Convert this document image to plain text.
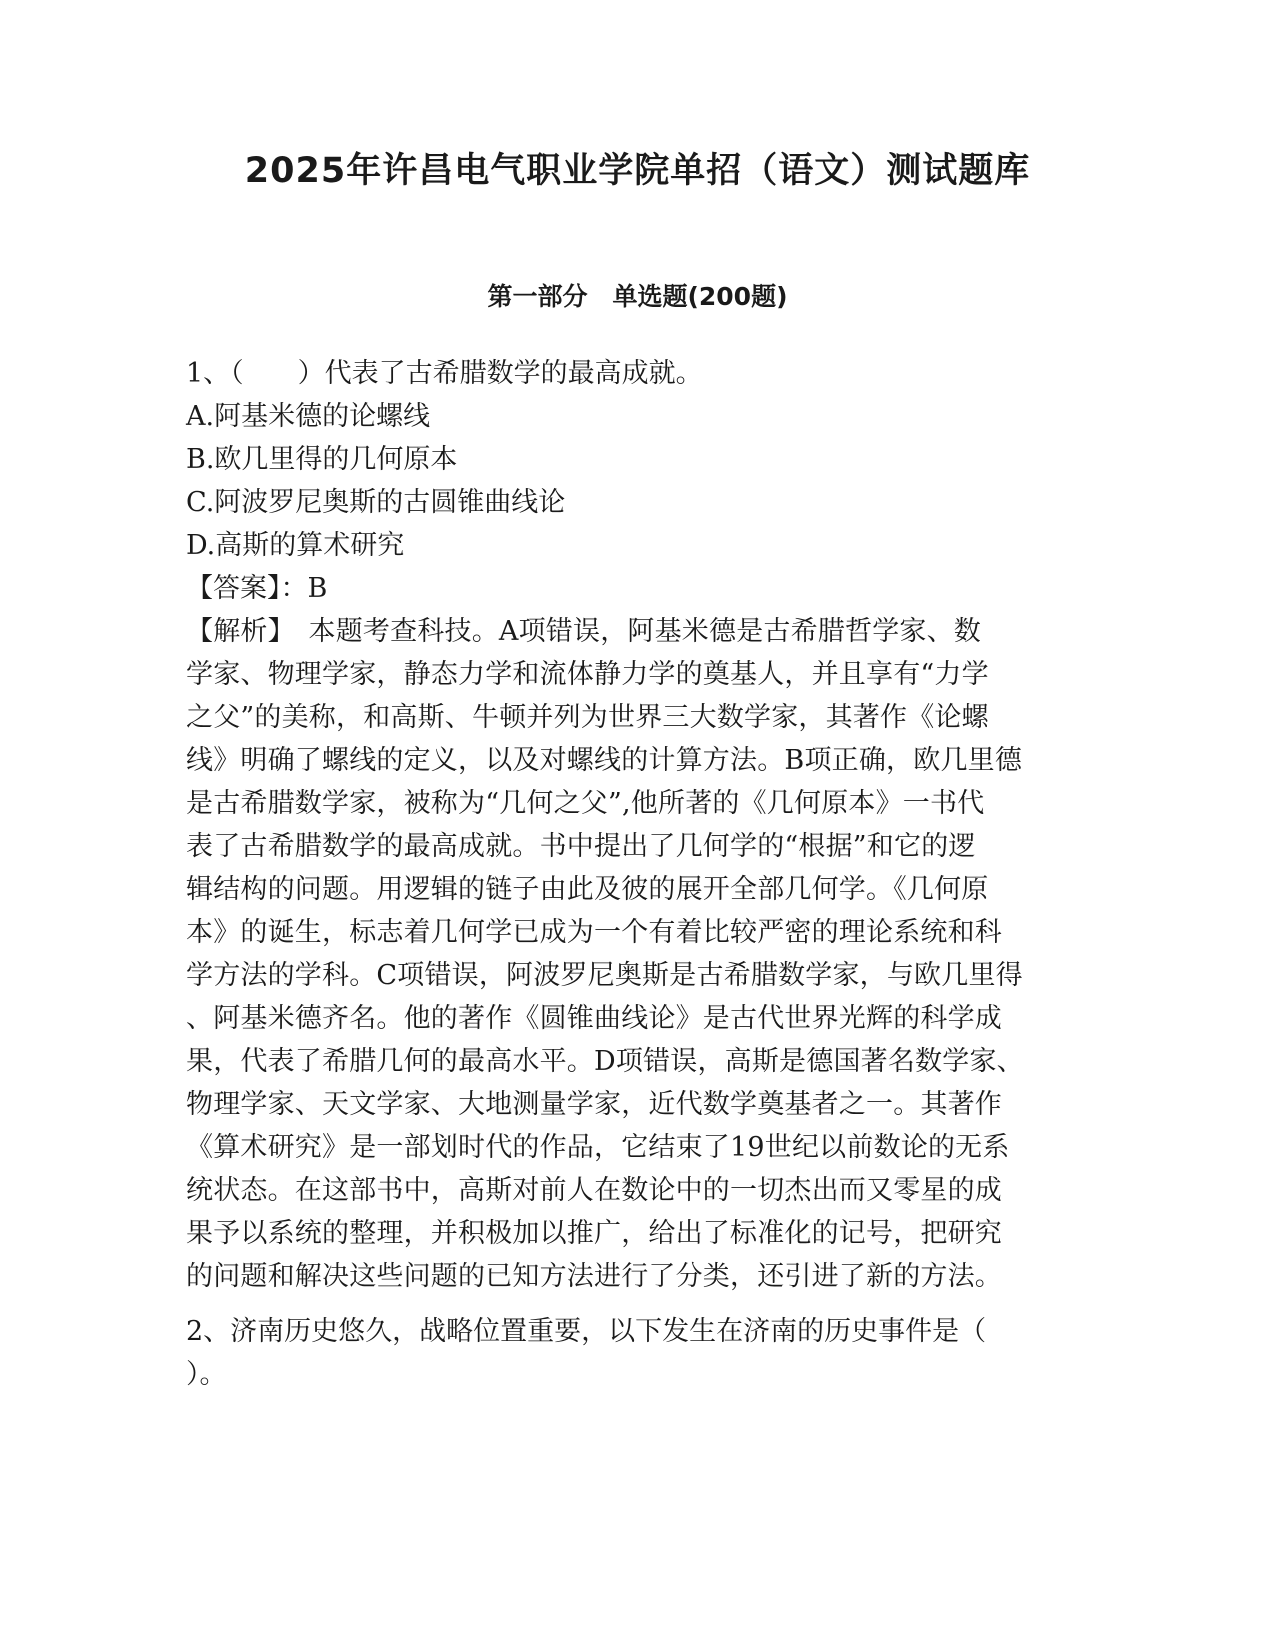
2025年许昌电气职业学院单招（语文）测试题库
第一部分　单选题(200题)
1、（　　）代表了古希腊数学的最高成就。
A.阿基米德的论螺线
B.欧几里得的几何原本
C.阿波罗尼奥斯的古圆锥曲线论
D.高斯的算术研究
【答案】：B
【解析】　本题考查科技。A项错误，阿基米德是古希腊哲学家、数
学家、物理学家，静态力学和流体静力学的奠基人，并且享有“力学
之父”的美称，和高斯、牛顿并列为世界三大数学家，其著作《论螺
线》明确了螺线的定义，以及对螺线的计算方法。B项正确，欧几里德
是古希腊数学家，被称为“几何之父”,他所著的《几何原本》一书代
表了古希腊数学的最高成就。书中提出了几何学的“根据”和它的逻
辑结构的问题。用逻辑的链子由此及彼的展开全部几何学。《几何原
本》的诞生，标志着几何学已成为一个有着比较严密的理论系统和科
学方法的学科。C项错误，阿波罗尼奥斯是古希腊数学家，与欧几里得
、阿基米德齐名。他的著作《圆锥曲线论》是古代世界光辉的科学成
果，代表了希腊几何的最高水平。D项错误，高斯是德国著名数学家、
物理学家、天文学家、大地测量学家，近代数学奠基者之一。其著作
《算术研究》是一部划时代的作品，它结束了19世纪以前数论的无系
统状态。在这部书中，高斯对前人在数论中的一切杰出而又零星的成
果予以系统的整理，并积极加以推广，给出了标准化的记号，把研究
的问题和解决这些问题的已知方法进行了分类，还引进了新的方法。
2、济南历史悠久，战略位置重要，以下发生在济南的历史事件是（
）。
